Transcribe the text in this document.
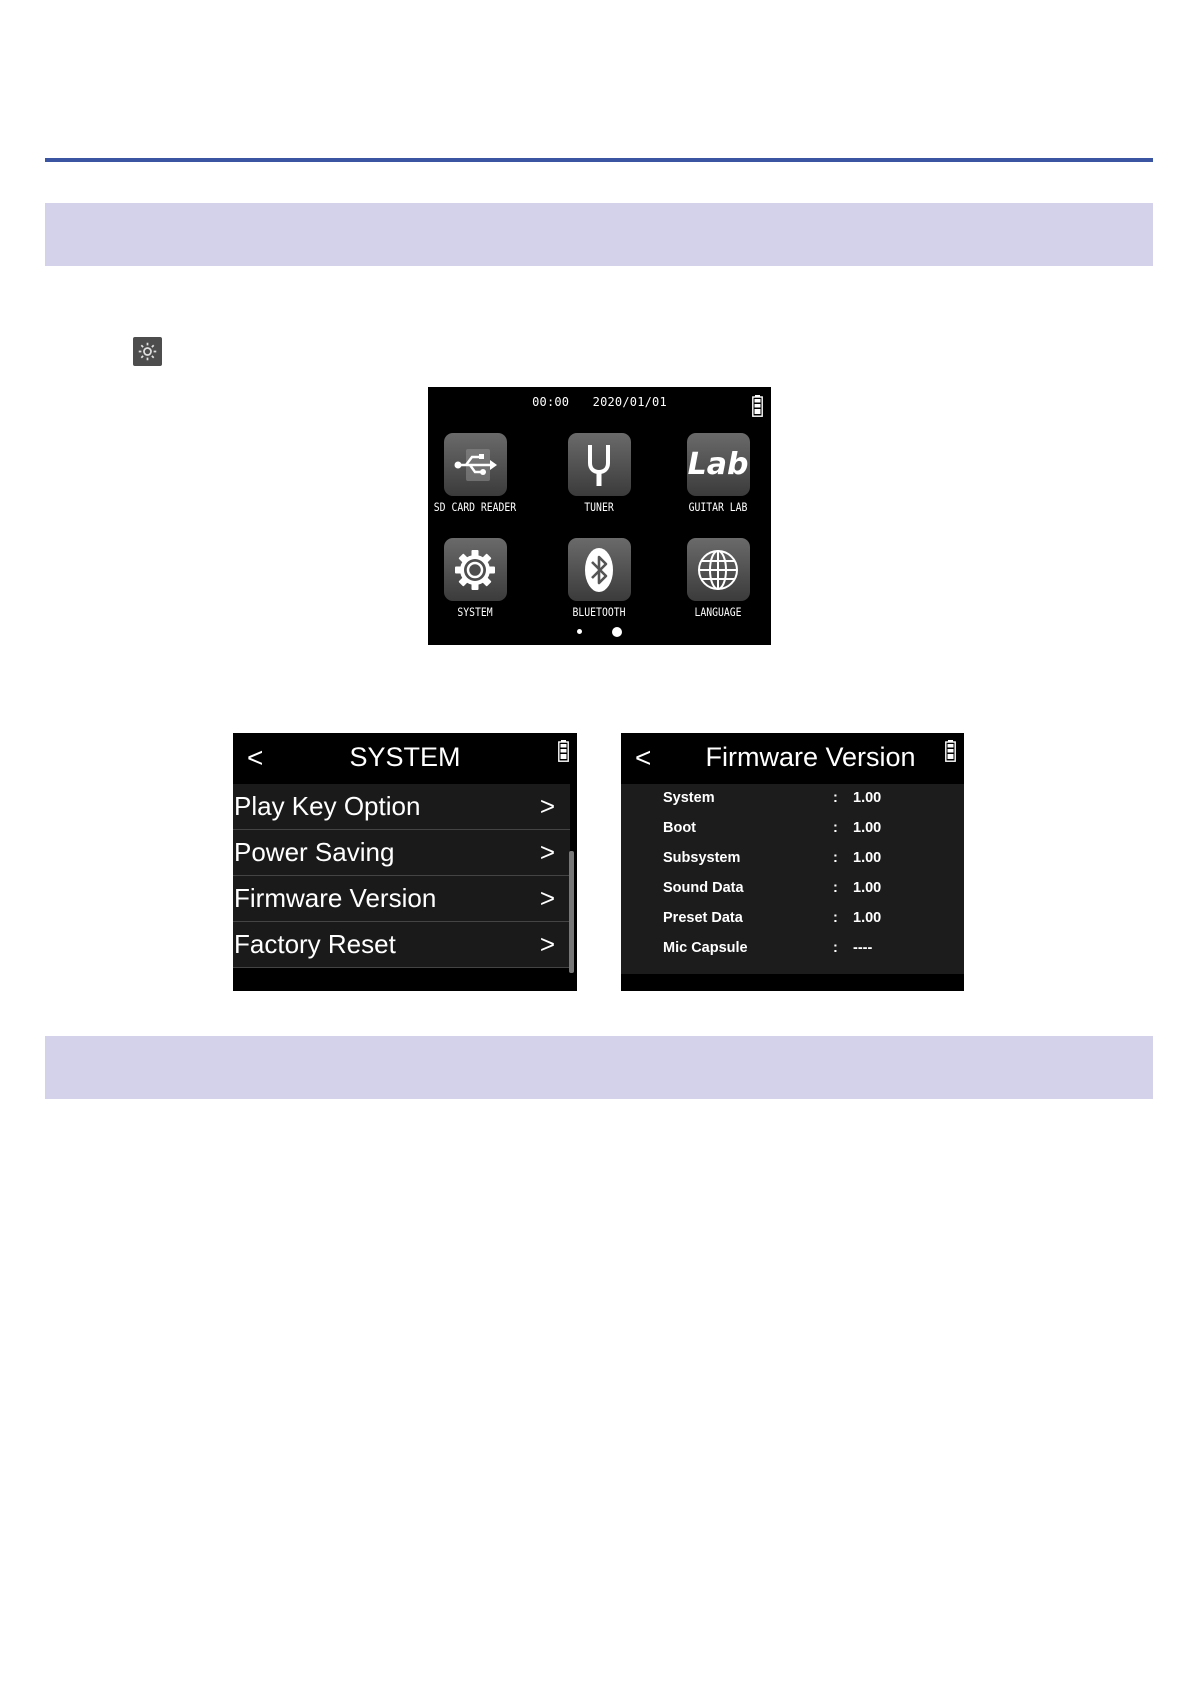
00:00 2020/01/01
SD CARD READER	TUNER
Lab
GUITAR LAB
SYSTEM	BLUETOOTH	LANGUAGE

<	SYSTEM
Play Key Option	>
Power Saving	>
Firmware Version	>
Factory Reset	>
<	Firmware Version
System	: 1.00
Boot	: 1.00
Subsystem	: 1.00
Sound Data	: 1.00
Preset Data	: 1.00
Mic Capsule	: ----
